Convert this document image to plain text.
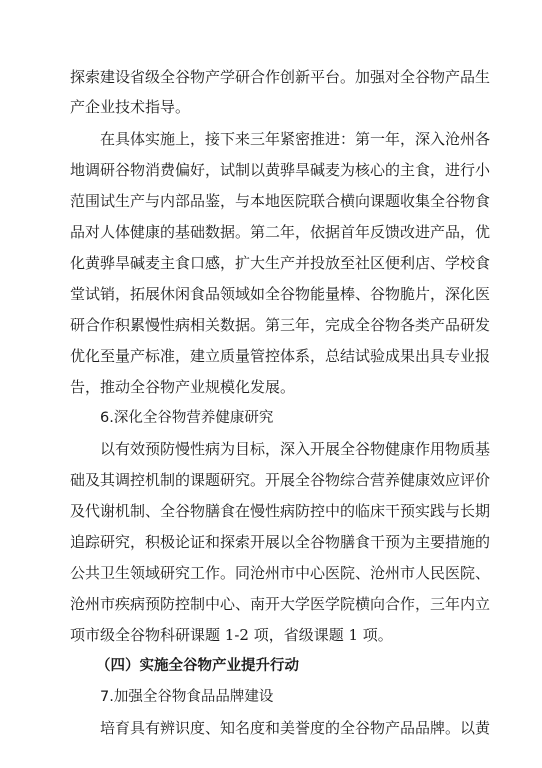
探索建设省级全谷物产学研合作创新平台。加强对全谷物产品生
产企业技术指导。
在具体实施上，接下来三年紧密推进：第一年，深入沧州各
地调研谷物消费偏好，试制以黄骅旱碱麦为核心的主食，进行小
范围试生产与内部品鉴，与本地医院联合横向课题收集全谷物食
品对人体健康的基础数据。第二年，依据首年反馈改进产品，优
化黄骅旱碱麦主食口感，扩大生产并投放至社区便利店、学校食
堂试销，拓展休闲食品领域如全谷物能量棒、谷物脆片，深化医
研合作积累慢性病相关数据。第三年，完成全谷物各类产品研发
优化至量产标准，建立质量管控体系，总结试验成果出具专业报
告，推动全谷物产业规模化发展。
6.深化全谷物营养健康研究
以有效预防慢性病为目标，深入开展全谷物健康作用物质基
础及其调控机制的课题研究。开展全谷物综合营养健康效应评价
及代谢机制、全谷物膳食在慢性病防控中的临床干预实践与长期
追踪研究，积极论证和探索开展以全谷物膳食干预为主要措施的
公共卫生领域研究工作。同沧州市中心医院、沧州市人民医院、
沧州市疾病预防控制中心、南开大学医学院横向合作，三年内立
项市级全谷物科研课题 1-2 项，省级课题 1 项。
（四）实施全谷物产业提升行动
7.加强全谷物食品品牌建设
培育具有辨识度、知名度和美誉度的全谷物产品品牌。以黄
